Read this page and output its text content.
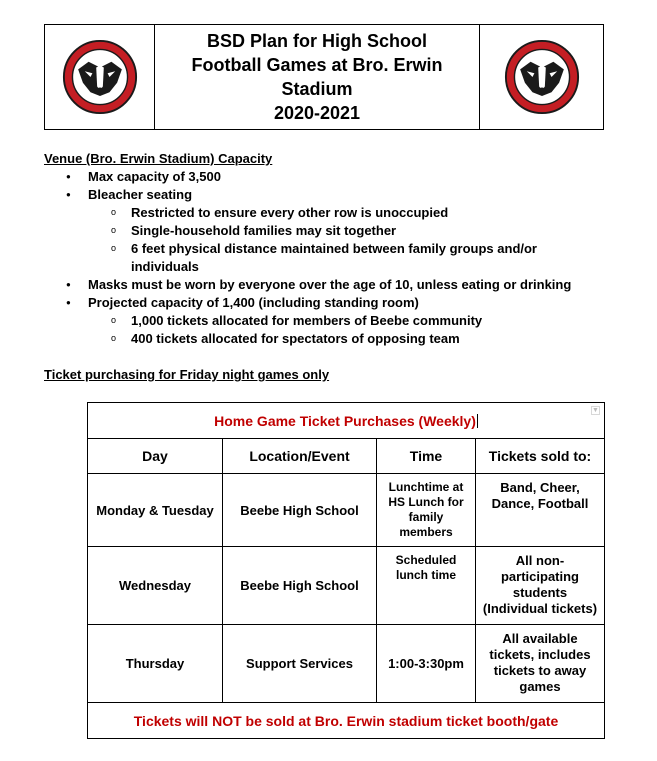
BSD Plan for High School
Football Games at Bro. Erwin
Stadium
2020-2021
Venue (Bro. Erwin Stadium) Capacity
● Max capacity of 3,500
● Bleacher seating
o Restricted to ensure every other row is unoccupied
o Single-household families may sit together
o 6 feet physical distance maintained between family groups and/or individuals
● Masks must be worn by everyone over the age of 10, unless eating or drinking
● Projected capacity of 1,400 (including standing room)
o 1,000 tickets allocated for members of Beebe community
o 400 tickets allocated for spectators of opposing team
Ticket purchasing for Friday night games only
Home Game Ticket Purchases (Weekly)
▼			

Day	Location/Event	Time	Tickets sold to:
Monday & Tuesday	Beebe High School	Lunchtime at HS Lunch for family members	Band, Cheer, Dance, Football
Wednesday	Beebe High School	Scheduled lunch time	All non-participating students (Individual tickets)
Thursday	Support Services	1:00-3:30pm	All available tickets, includes tickets to away games
Tickets will NOT be sold at Bro. Erwin stadium ticket booth/gate			
